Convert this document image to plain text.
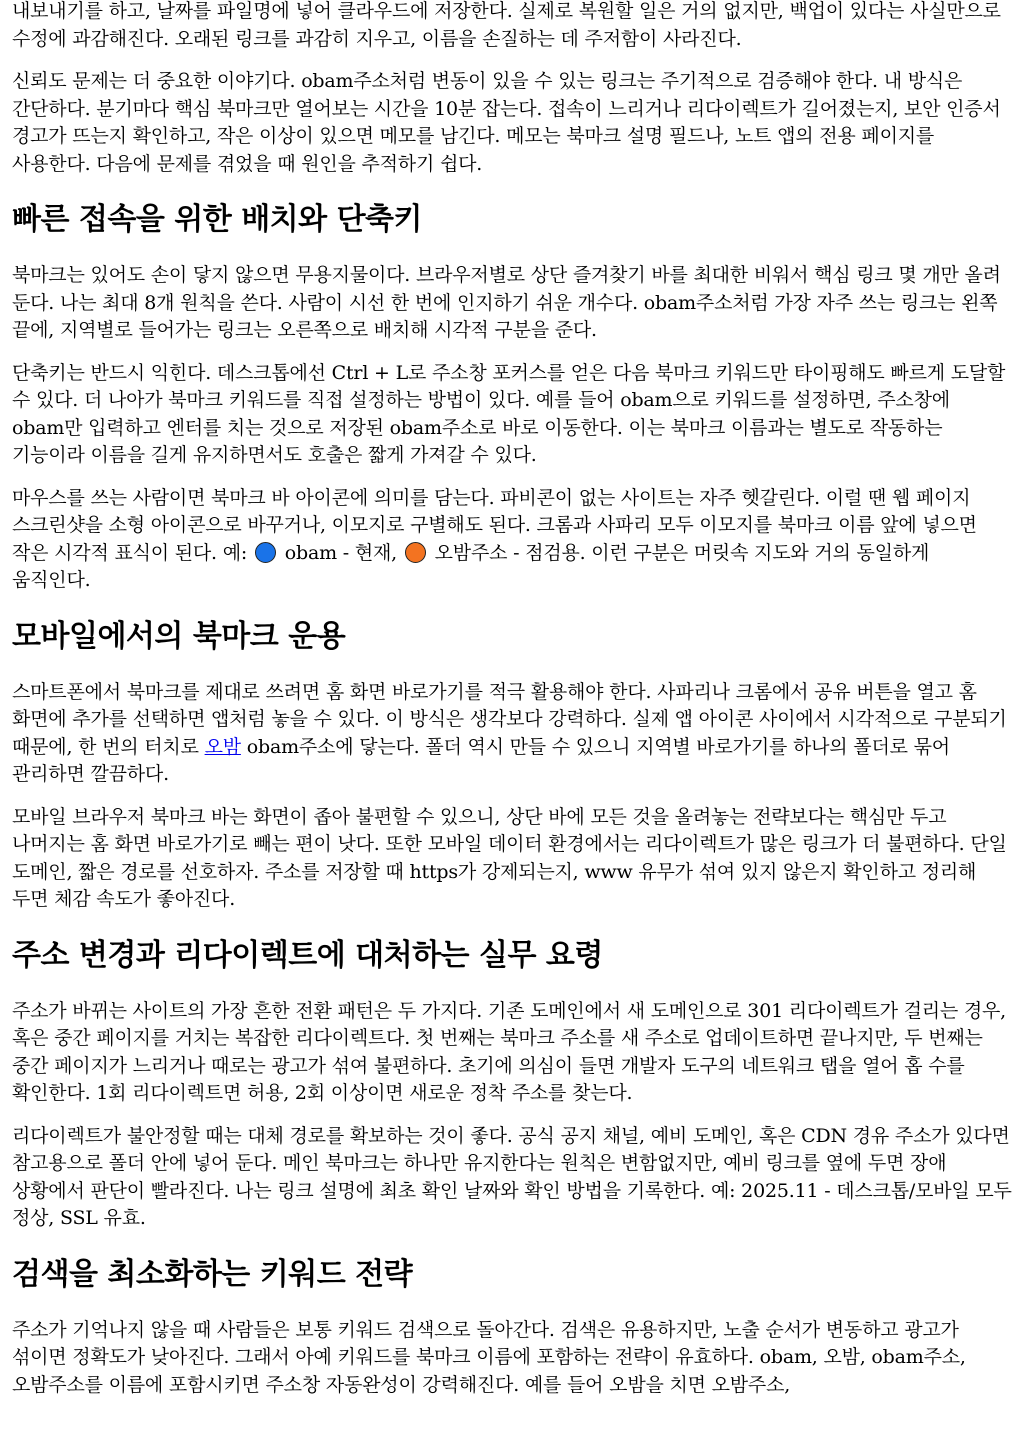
내보내기를 하고, 날짜를 파일명에 넣어 클라우드에 저장한다. 실제로 복원할 일은 거의 없지만, 백업이 있다는 사실만으로 수정에 과감해진다. 오래된 링크를 과감히 지우고, 이름을 손질하는 데 주저함이 사라진다.

신뢰도 문제는 더 중요한 이야기다. obam주소처럼 변동이 있을 수 있는 링크는 주기적으로 검증해야 한다. 내 방식은 간단하다. 분기마다 핵심 북마크만 열어보는 시간을 10분 잡는다. 접속이 느리거나 리다이렉트가 길어졌는지, 보안 인증서 경고가 뜨는지 확인하고, 작은 이상이 있으면 메모를 남긴다. 메모는 북마크 설명 필드나, 노트 앱의 전용 페이지를 사용한다. 다음에 문제를 겪었을 때 원인을 추적하기 쉽다.

빠른 접속을 위한 배치와 단축키

북마크는 있어도 손이 닿지 않으면 무용지물이다. 브라우저별로 상단 즐겨찾기 바를 최대한 비워서 핵심 링크 몇 개만 올려 둔다. 나는 최대 8개 원칙을 쓴다. 사람이 시선 한 번에 인지하기 쉬운 개수다. obam주소처럼 가장 자주 쓰는 링크는 왼쪽 끝에, 지역별로 들어가는 링크는 오른쪽으로 배치해 시각적 구분을 준다.

단축키는 반드시 익힌다. 데스크톱에선 Ctrl + L로 주소창 포커스를 얻은 다음 북마크 키워드만 타이핑해도 빠르게 도달할 수 있다. 더 나아가 북마크 키워드를 직접 설정하는 방법이 있다. 예를 들어 obam으로 키워드를 설정하면, 주소창에 obam만 입력하고 엔터를 치는 것으로 저장된 obam주소로 바로 이동한다. 이는 북마크 이름과는 별도로 작동하는 기능이라 이름을 길게 유지하면서도 호출은 짧게 가져갈 수 있다.

마우스를 쓰는 사람이면 북마크 바 아이콘에 의미를 담는다. 파비콘이 없는 사이트는 자주 헷갈린다. 이럴 땐 웹 페이지 스크린샷을 소형 아이콘으로 바꾸거나, 이모지로 구별해도 된다. 크롬과 사파리 모두 이모지를 북마크 이름 앞에 넣으면 작은 시각적 표식이 된다. 예:  obam - 현재,  오밤주소 - 점검용. 이런 구분은 머릿속 지도와 거의 동일하게 움직인다.

모바일에서의 북마크 운용

스마트폰에서 북마크를 제대로 쓰려면 홈 화면 바로가기를 적극 활용해야 한다. 사파리나 크롬에서 공유 버튼을 열고 홈 화면에 추가를 선택하면 앱처럼 놓을 수 있다. 이 방식은 생각보다 강력하다. 실제 앱 아이콘 사이에서 시각적으로 구분되기 때문에, 한 번의 터치로 오밤 obam주소에 닿는다. 폴더 역시 만들 수 있으니 지역별 바로가기를 하나의 폴더로 묶어 관리하면 깔끔하다.

모바일 브라우저 북마크 바는 화면이 좁아 불편할 수 있으니, 상단 바에 모든 것을 올려놓는 전략보다는 핵심만 두고 나머지는 홈 화면 바로가기로 빼는 편이 낫다. 또한 모바일 데이터 환경에서는 리다이렉트가 많은 링크가 더 불편하다. 단일 도메인, 짧은 경로를 선호하자. 주소를 저장할 때 https가 강제되는지, www 유무가 섞여 있지 않은지 확인하고 정리해 두면 체감 속도가 좋아진다.

주소 변경과 리다이렉트에 대처하는 실무 요령

주소가 바뀌는 사이트의 가장 흔한 전환 패턴은 두 가지다. 기존 도메인에서 새 도메인으로 301 리다이렉트가 걸리는 경우, 혹은 중간 페이지를 거치는 복잡한 리다이렉트다. 첫 번째는 북마크 주소를 새 주소로 업데이트하면 끝나지만, 두 번째는 중간 페이지가 느리거나 때로는 광고가 섞여 불편하다. 초기에 의심이 들면 개발자 도구의 네트워크 탭을 열어 홉 수를 확인한다. 1회 리다이렉트면 허용, 2회 이상이면 새로운 정착 주소를 찾는다.

리다이렉트가 불안정할 때는 대체 경로를 확보하는 것이 좋다. 공식 공지 채널, 예비 도메인, 혹은 CDN 경유 주소가 있다면 참고용으로 폴더 안에 넣어 둔다. 메인 북마크는 하나만 유지한다는 원칙은 변함없지만, 예비 링크를 옆에 두면 장애 상황에서 판단이 빨라진다. 나는 링크 설명에 최초 확인 날짜와 확인 방법을 기록한다. 예: 2025.11 - 데스크톱/모바일 모두 정상, SSL 유효.

검색을 최소화하는 키워드 전략

주소가 기억나지 않을 때 사람들은 보통 키워드 검색으로 돌아간다. 검색은 유용하지만, 노출 순서가 변동하고 광고가 섞이면 정확도가 낮아진다. 그래서 아예 키워드를 북마크 이름에 포함하는 전략이 유효하다. obam, 오밤, obam주소, 오밤주소를 이름에 포함시키면 주소창 자동완성이 강력해진다. 예를 들어 오밤을 치면 오밤주소,
